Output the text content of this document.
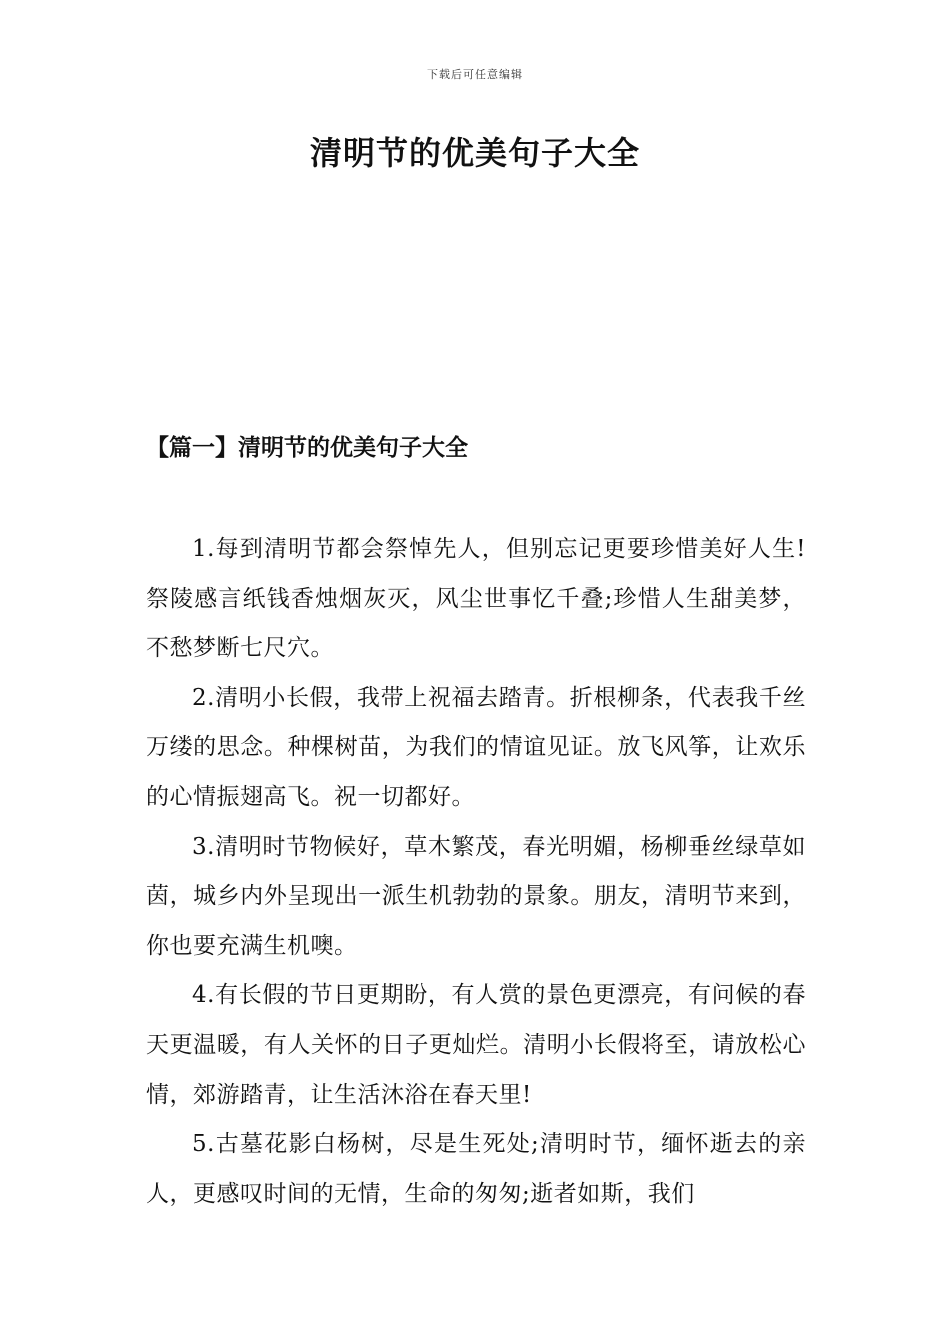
下载后可任意编辑
清明节的优美句子大全
【篇一】清明节的优美句子大全

1.每到清明节都会祭悼先人，但别忘记更要珍惜美好人生!祭陵感言纸钱香烛烟灰灭，风尘世事忆千叠;珍惜人生甜美梦，不愁梦断七尺穴。

2.清明小长假，我带上祝福去踏青。折根柳条，代表我千丝万缕的思念。种棵树苗，为我们的情谊见证。放飞风筝，让欢乐的心情振翅高飞。祝一切都好。

3.清明时节物候好，草木繁茂，春光明媚，杨柳垂丝绿草如茵，城乡内外呈现出一派生机勃勃的景象。朋友，清明节来到，你也要充满生机噢。

4.有长假的节日更期盼，有人赏的景色更漂亮，有问候的春天更温暖，有人关怀的日子更灿烂。清明小长假将至，请放松心情，郊游踏青，让生活沐浴在春天里!

5.古墓花影白杨树，尽是生死处;清明时节，缅怀逝去的亲人，更感叹时间的无情，生命的匆匆;逝者如斯，我们
